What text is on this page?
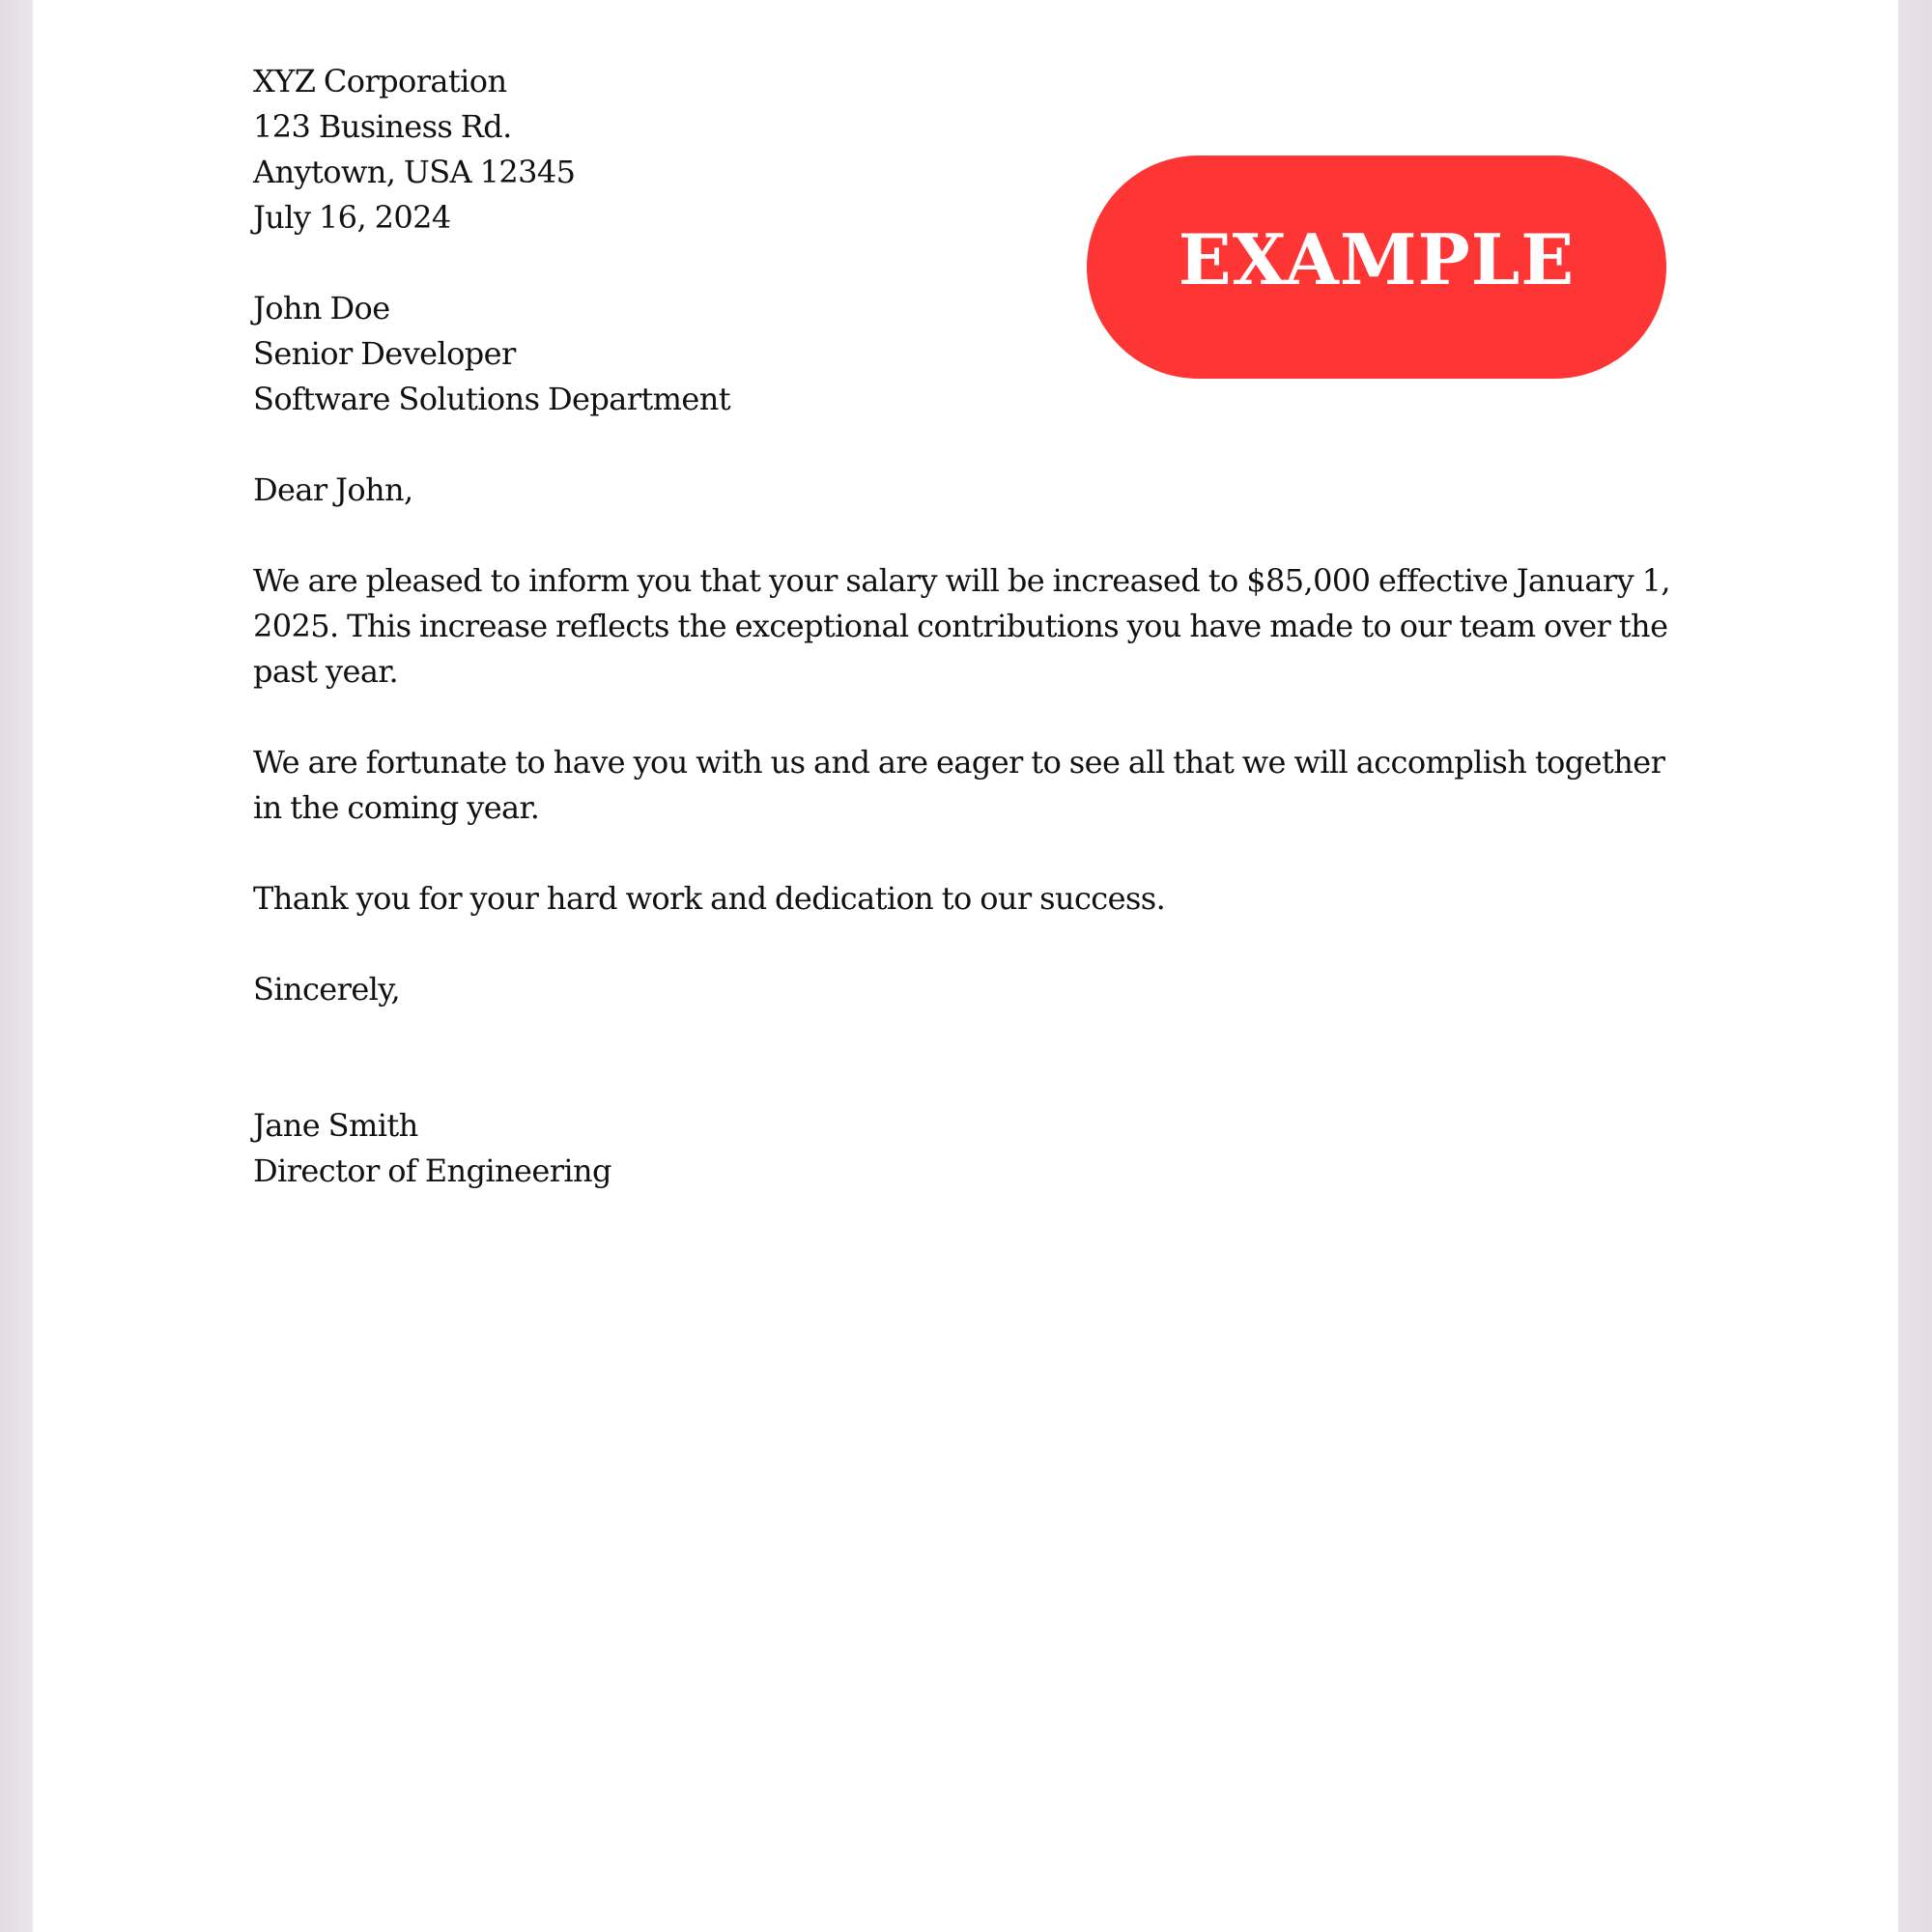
XYZ Corporation
123 Business Rd.
Anytown, USA 12345
July 16, 2024
John Doe
Senior Developer
Software Solutions Department
Dear John,
We are pleased to inform you that your salary will be increased to $85,000 effective January 1, 2025. This increase reflects the exceptional contributions you have made to our team over the past year.
We are fortunate to have you with us and are eager to see all that we will accomplish together in the coming year.
Thank you for your hard work and dedication to our success.
Sincerely,
Jane Smith
Director of Engineering
EXAMPLE
